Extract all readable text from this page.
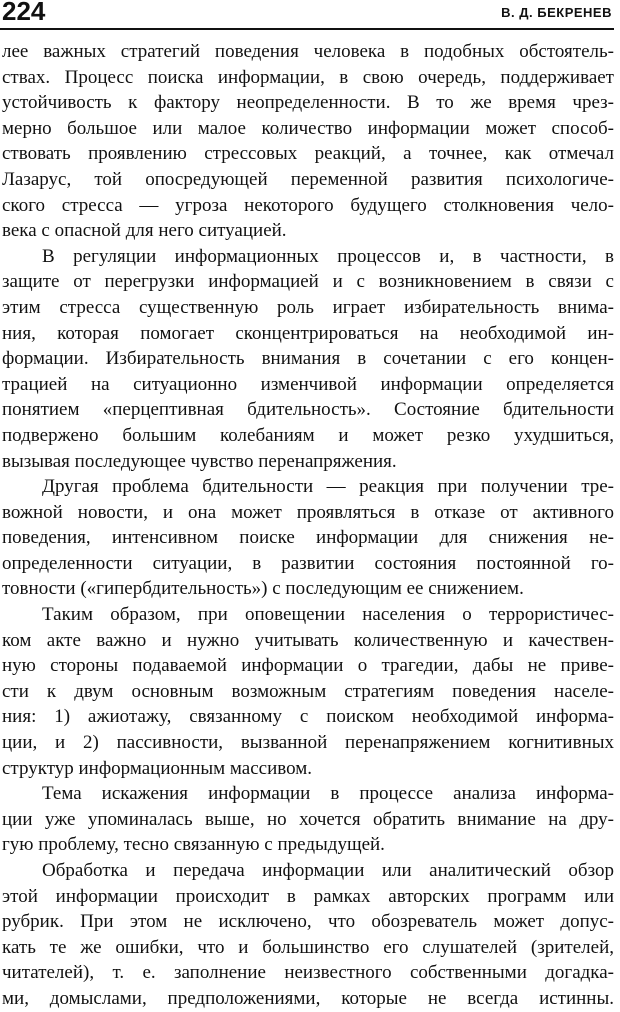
224	В. Д. БЕКРЕНЕВ
лее важных стратегий поведения человека в подобных обстоятель-
ствах. Процесс поиска информации, в свою очередь, поддерживает
устойчивость к фактору неопределенности. В то же время чрез-
мерно большое или малое количество информации может способ-
ствовать проявлению стрессовых реакций, а точнее, как отмечал
Лазарус, той опосредующей переменной развития психологиче-
ского стресса — угроза некоторого будущего столкновения чело-
века с опасной для него ситуацией.
В регуляции информационных процессов и, в частности, в
защите от перегрузки информацией и с возникновением в связи с
этим стресса существенную роль играет избирательность внима-
ния, которая помогает сконцентрироваться на необходимой ин-
формации. Избирательность внимания в сочетании с его концен-
трацией на ситуационно изменчивой информации определяется
понятием «перцептивная бдительность». Состояние бдительности
подвержено большим колебаниям и может резко ухудшиться,
вызывая последующее чувство перенапряжения.
Другая проблема бдительности — реакция при получении тре-
вожной новости, и она может проявляться в отказе от активного
поведения, интенсивном поиске информации для снижения не-
определенности ситуации, в развитии состояния постоянной го-
товности («гипербдительность») с последующим ее снижением.
Таким образом, при оповещении населения о террористичес-
ком акте важно и нужно учитывать количественную и качествен-
ную стороны подаваемой информации о трагедии, дабы не приве-
сти к двум основным возможным стратегиям поведения населе-
ния: 1) ажиотажу, связанному с поиском необходимой информа-
ции, и 2) пассивности, вызванной перенапряжением когнитивных
структур информационным массивом.
Тема искажения информации в процессе анализа информа-
ции уже упоминалась выше, но хочется обратить внимание на дру-
гую проблему, тесно связанную с предыдущей.
Обработка и передача информации или аналитический обзор
этой информации происходит в рамках авторских программ или
рубрик. При этом не исключено, что обозреватель может допус-
кать те же ошибки, что и большинство его слушателей (зрителей,
читателей), т. е. заполнение неизвестного собственными догадка-
ми, домыслами, предположениями, которые не всегда истинны.
